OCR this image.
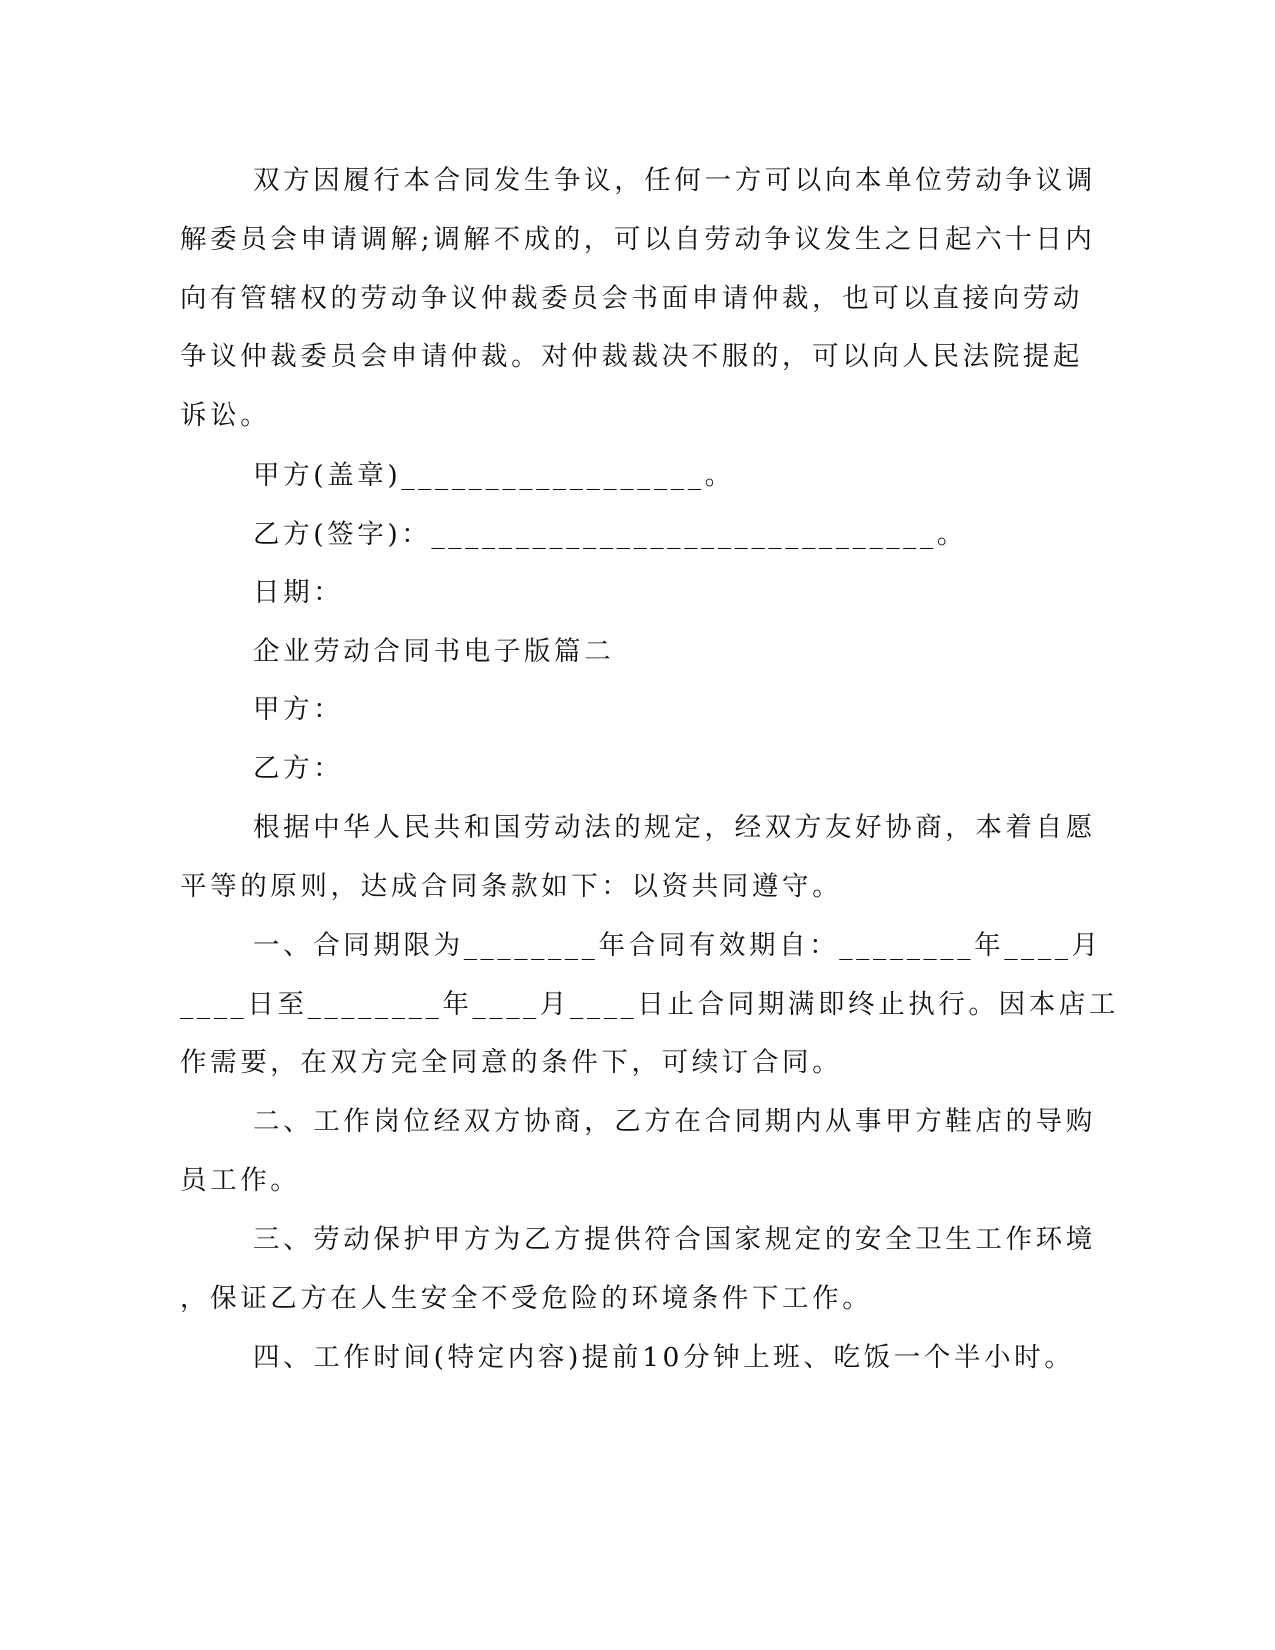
双方因履行本合同发生争议，任何一方可以向本单位劳动争议调
解委员会申请调解;调解不成的，可以自劳动争议发生之日起六十日内
向有管辖权的劳动争议仲裁委员会书面申请仲裁，也可以直接向劳动
争议仲裁委员会申请仲裁。对仲裁裁决不服的，可以向人民法院提起
诉讼。
甲方(盖章)__________________。
乙方(签字)：______________________________。
日期：
企业劳动合同书电子版篇二
甲方：
乙方：
根据中华人民共和国劳动法的规定，经双方友好协商，本着自愿
平等的原则，达成合同条款如下：以资共同遵守。
一、合同期限为________年合同有效期自：________年____月
____日至________年____月____日止合同期满即终止执行。因本店工
作需要，在双方完全同意的条件下，可续订合同。
二、工作岗位经双方协商，乙方在合同期内从事甲方鞋店的导购
员工作。
三、劳动保护甲方为乙方提供符合国家规定的安全卫生工作环境
，保证乙方在人生安全不受危险的环境条件下工作。
四、工作时间(特定内容)提前10分钟上班、吃饭一个半小时。
